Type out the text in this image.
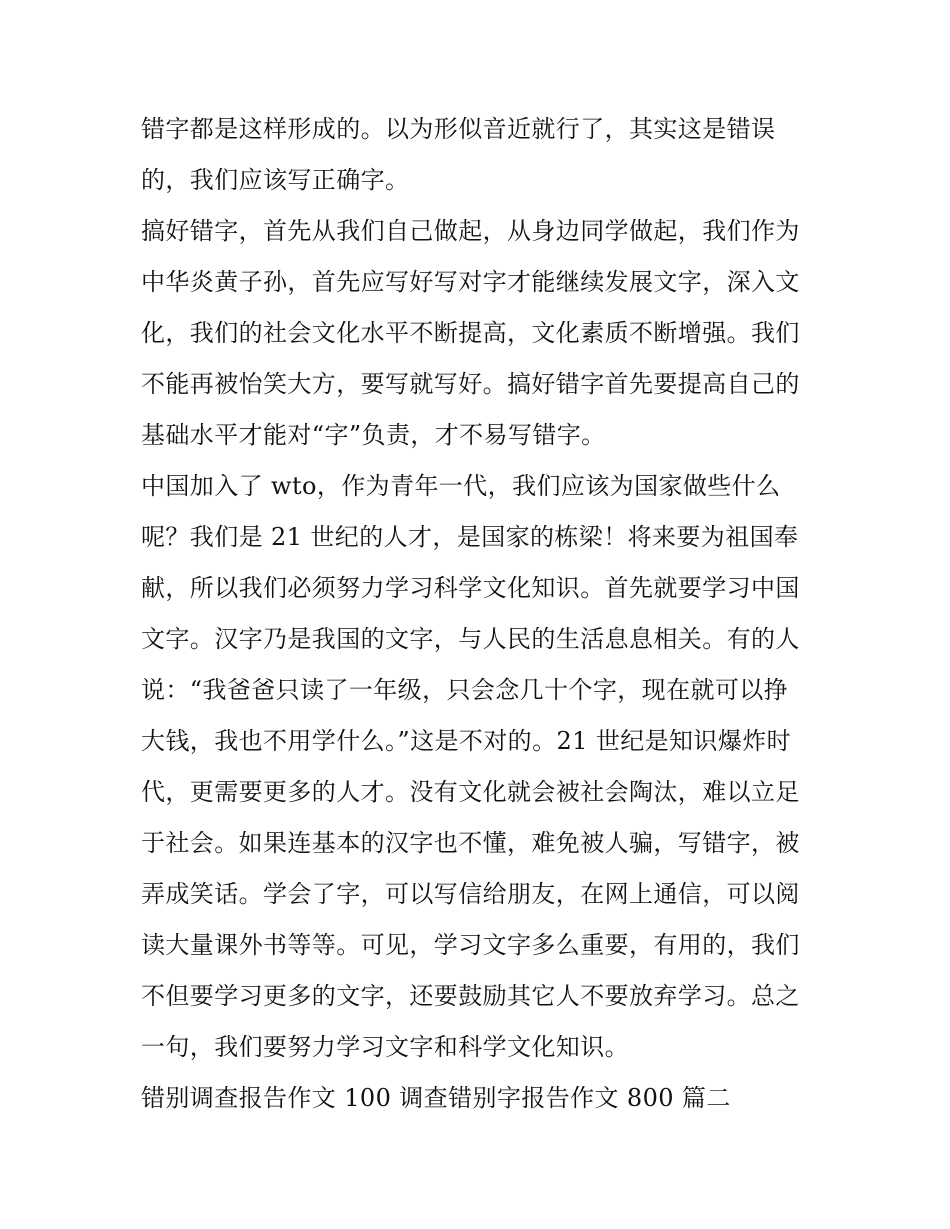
错字都是这样形成的。以为形似音近就行了，其实这是错误
的，我们应该写正确字。
搞好错字，首先从我们自己做起，从身边同学做起，我们作为
中华炎黄子孙，首先应写好写对字才能继续发展文字，深入文
化，我们的社会文化水平不断提高，文化素质不断增强。我们
不能再被怡笑大方，要写就写好。搞好错字首先要提高自己的
基础水平才能对“字”负责，才不易写错字。
中国加入了 wto，作为青年一代，我们应该为国家做些什么
呢？我们是 21 世纪的人才，是国家的栋梁！将来要为祖国奉
献，所以我们必须努力学习科学文化知识。首先就要学习中国
文字。汉字乃是我国的文字，与人民的生活息息相关。有的人
说：“我爸爸只读了一年级，只会念几十个字，现在就可以挣
大钱，我也不用学什么。”这是不对的。21 世纪是知识爆炸时
代，更需要更多的人才。没有文化就会被社会陶汰，难以立足
于社会。如果连基本的汉字也不懂，难免被人骗，写错字，被
弄成笑话。学会了字，可以写信给朋友，在网上通信，可以阅
读大量课外书等等。可见，学习文字多么重要，有用的，我们
不但要学习更多的文字，还要鼓励其它人不要放弃学习。总之
一句，我们要努力学习文字和科学文化知识。
错别调查报告作文 100 调查错别字报告作文 800 篇二
